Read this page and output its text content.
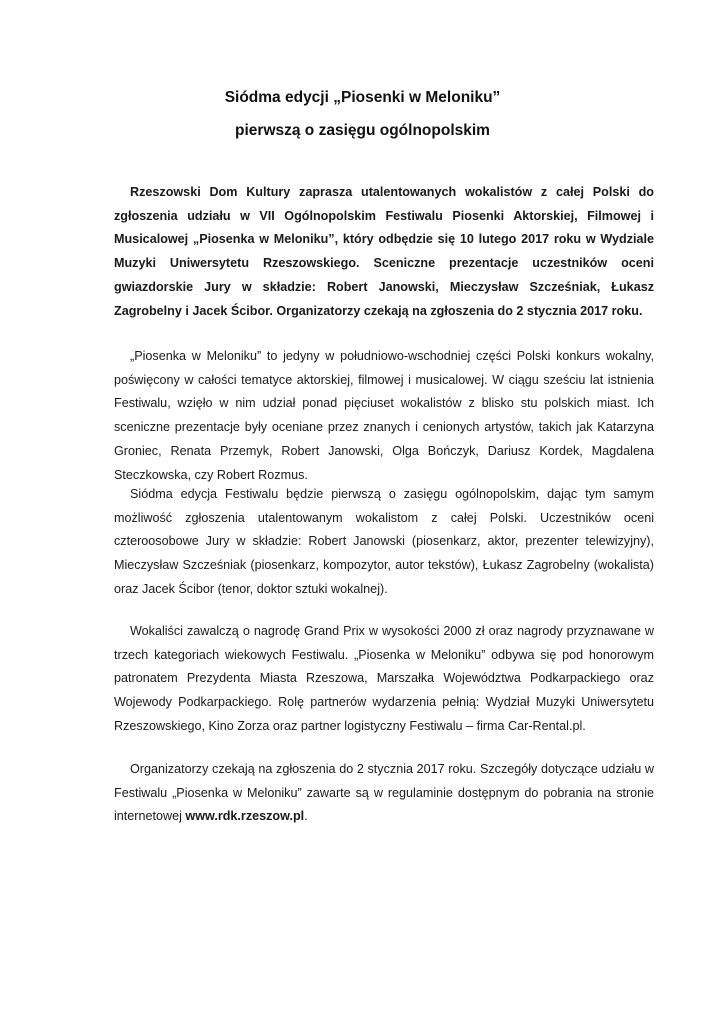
Siódma edycji „Piosenki w Meloniku”
pierwszą o zasięgu ogólnopolskim

Rzeszowski Dom Kultury zaprasza utalentowanych wokalistów z całej Polski do zgłoszenia udziału w VII Ogólnopolskim Festiwalu Piosenki Aktorskiej, Filmowej i Musicalowej „Piosenka w Meloniku”, który odbędzie się 10 lutego 2017 roku w Wydziale Muzyki Uniwersytetu Rzeszowskiego. Sceniczne prezentacje uczestników oceni gwiazdorskie Jury w składzie: Robert Janowski, Mieczysław Szcześniak, Łukasz Zagrobelny i Jacek Ścibor. Organizatorzy czekają na zgłoszenia do 2 stycznia 2017 roku.

„Piosenka w Meloniku” to jedyny w południowo-wschodniej części Polski konkurs wokalny, poświęcony w całości tematyce aktorskiej, filmowej i musicalowej. W ciągu sześciu lat istnienia Festiwalu, wzięło w nim udział ponad pięciuset wokalistów z blisko stu polskich miast. Ich sceniczne prezentacje były oceniane przez znanych i cenionych artystów, takich jak Katarzyna Groniec, Renata Przemyk, Robert Janowski, Olga Bończyk, Dariusz Kordek, Magdalena Steczkowska, czy Robert Rozmus.

Siódma edycja Festiwalu będzie pierwszą o zasięgu ogólnopolskim, dając tym samym możliwość zgłoszenia utalentowanym wokalistom z całej Polski. Uczestników oceni czteroosobowe Jury w składzie: Robert Janowski (piosenkarz, aktor, prezenter telewizyjny), Mieczysław Szcześniak (piosenkarz, kompozytor, autor tekstów), Łukasz Zagrobelny (wokalista) oraz Jacek Ścibor (tenor, doktor sztuki wokalnej).

Wokaliści zawalczą o nagrodę Grand Prix w wysokości 2000 zł oraz nagrody przyznawane w trzech kategoriach wiekowych Festiwalu. „Piosenka w Meloniku” odbywa się pod honorowym patronatem Prezydenta Miasta Rzeszowa, Marszałka Województwa Podkarpackiego oraz Wojewody Podkarpackiego. Rolę partnerów wydarzenia pełnią: Wydział Muzyki Uniwersytetu Rzeszowskiego, Kino Zorza oraz partner logistyczny Festiwalu – firma Car-Rental.pl.

Organizatorzy czekają na zgłoszenia do 2 stycznia 2017 roku. Szczegóły dotyczące udziału w Festiwalu „Piosenka w Meloniku” zawarte są w regulaminie dostępnym do pobrania na stronie internetowej www.rdk.rzeszow.pl.
